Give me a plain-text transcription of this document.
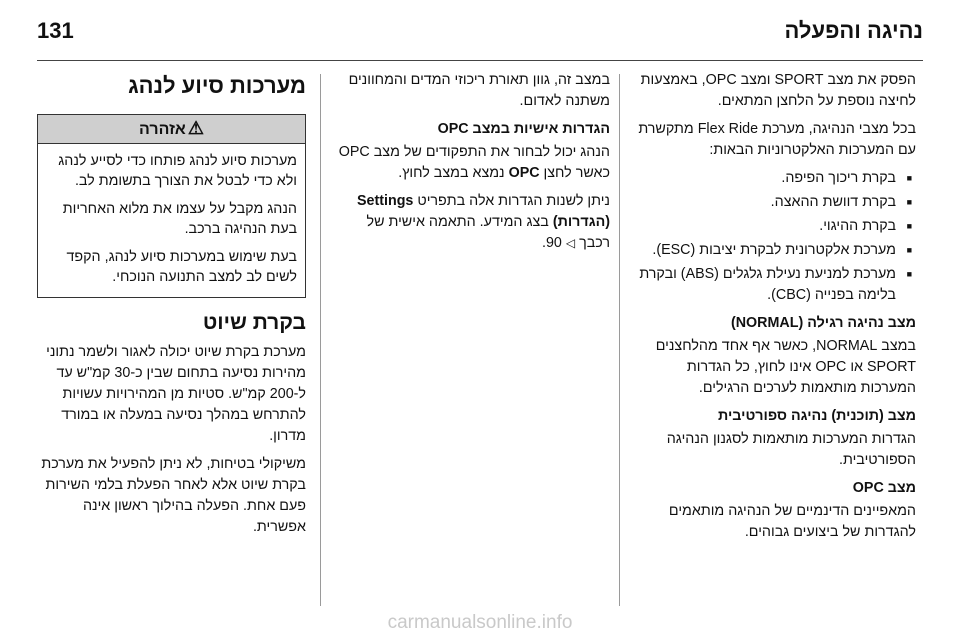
131	נהיגה והפעלה

הפסק את מצב SPORT ומצב OPC, באמצעות לחיצה נוספת על הלחצן המתאים.

בכל מצבי הנהיגה, מערכת Flex Ride מתקשרת עם המערכות האלקטרוניות הבאות:

■ בקרת ריכוך הפיפה.
■ בקרת דוושת ההאצה.
■ בקרת ההיגוי.
■ מערכת אלקטרונית לבקרת יציבות (ESC).
■ מערכת למניעת נעילת גלגלים (ABS) ובקרת בלימה בפנייה (CBC).
מצב נהיגה רגילה (NORMAL)

במצב NORMAL, כאשר אף אחד מהלחצנים SPORT או OPC אינו לחוץ, כל הגדרות המערכות מותאמות לערכים הרגילים.

מצב (תוכנית) נהיגה ספורטיבית

הגדרות המערכות מותאמות לסגנון הנהיגה הספורטיבית.

מצב OPC

המאפיינים הדינמיים של הנהיגה מותאמים להגדרות של ביצועים גבוהים.

במצב זה, גוון תאורת ריכוזי המדים והמחוונים משתנה לאדום.

הגדרות אישיות במצב OPC

הנהג יכול לבחור את התפקודים של מצב OPC כאשר לחצן OPC נמצא במצב לחוץ.

ניתן לשנות הגדרות אלה בתפריט Settings (הגדרות) בצג המידע. התאמה אישית של רכבך ◁ 90.

מערכות סיוע לנהג
⚠אזהרה

מערכות סיוע לנהג פותחו כדי לסייע לנהג ולא כדי לבטל את הצורך בתשומת לב.

הנהג מקבל על עצמו את מלוא האחריות בעת הנהיגה ברכב.

בעת שימוש במערכות סיוע לנהג, הקפד לשים לב למצב התנועה הנוכחי.

בקרת שיוט

מערכת בקרת שיוט יכולה לאגור ולשמר נתוני מהירות נסיעה בתחום שבין כ-30 קמ"ש עד ל-200 קמ"ש. סטיות מן המהירויות עשויות להתרחש במהלך נסיעה במעלה או במורד מדרון.

משיקולי בטיחות, לא ניתן להפעיל את מערכת בקרת שיוט אלא לאחר הפעלת בלמי השירות פעם אחת. הפעלה בהילוך ראשון אינה אפשרית.

carmanualsonline.info
